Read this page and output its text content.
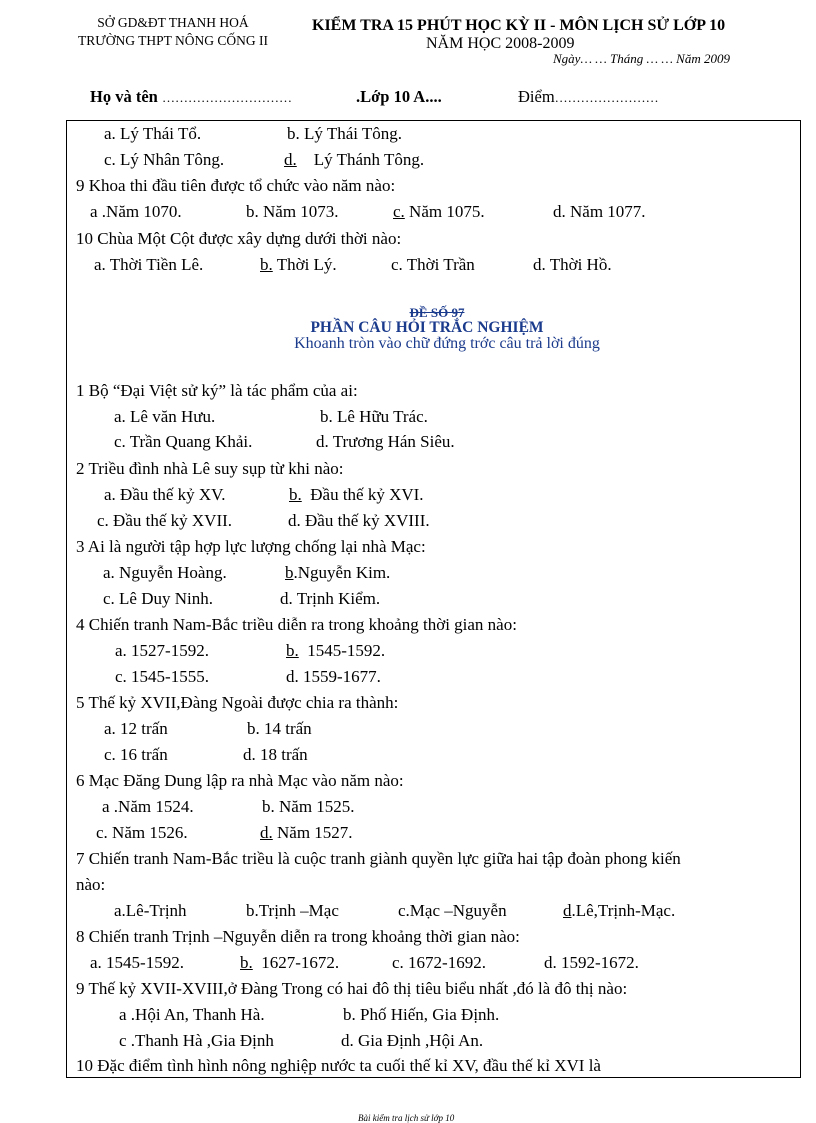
SỞ GD&ĐT THANH HOÁ
TRƯỜNG THPT NÔNG CỐNG II
KIỂM TRA 15 PHÚT HỌC KỲ II - MÔN LỊCH SỬ LỚP 10
NĂM HỌC 2008-2009
Ngày… … Tháng … … Năm 2009
Họ và tên …………………………	.Lớp 10 A....	Điểm……………………
a. Lý Thái Tổ.	b. Lý Thái Tông.
c. Lý Nhân Tông.	d. Lý Thánh Tông.
9 Khoa thi đầu tiên được tổ chức vào năm nào:
a .Năm 1070.	b. Năm 1073.	c. Năm 1075.	d. Năm 1077.
10 Chùa Một Cột được xây dựng dưới thời nào:
a. Thời Tiền Lê.	b. Thời Lý.	c. Thời Trần	d. Thời Hồ.
ĐỀ SỐ 97
PHẦN CÂU HỎI TRẮC NGHIỆM
Khoanh tròn vào chữ đứng trớc câu trả lời đúng
1 Bộ “Đại Việt sử ký” là tác phẩm của ai:
a. Lê văn Hưu.	b. Lê Hữu Trác.
c. Trần Quang Khải.	d. Trương Hán Siêu.
2 Triều đình nhà Lê suy sụp từ khi nào:
a. Đầu thế kỷ XV.	b. Đầu thế kỷ XVI.
c. Đầu thế kỷ XVII.	d. Đầu thế kỷ XVIII.
3 Ai là người tập hợp lực lượng chống lại nhà Mạc:
a. Nguyễn Hoàng.	b.Nguyễn Kim.
c. Lê Duy Ninh.	d. Trịnh Kiểm.
4 Chiến tranh Nam-Bắc triều diễn ra trong khoảng thời gian nào:
a. 1527-1592.	b. 1545-1592.
c. 1545-1555.	d. 1559-1677.
5 Thế kỷ XVII,Đàng Ngoài được chia ra thành:
a. 12 trấn	b. 14 trấn
c. 16 trấn	d. 18 trấn
6 Mạc Đăng Dung lập ra nhà Mạc vào năm nào:
a .Năm 1524.	b. Năm 1525.
c. Năm 1526.	d. Năm 1527.
7 Chiến tranh Nam-Bắc triều là cuộc tranh giành quyền lực giữa hai tập đoàn phong kiến
nào:
a.Lê-Trịnh	b.Trịnh –Mạc	c.Mạc –Nguyễn	d.Lê,Trịnh-Mạc.
8 Chiến tranh Trịnh –Nguyễn diễn ra trong khoảng thời gian nào:
a. 1545-1592.	b. 1627-1672.	c. 1672-1692.	d. 1592-1672.
9 Thế kỷ XVII-XVIII,ở Đàng Trong có hai đô thị tiêu biểu nhất ,đó là đô thị nào:
a .Hội An, Thanh Hà.	b. Phố Hiến, Gia Định.
c .Thanh Hà ,Gia Định	d. Gia Định ,Hội An.
10 Đặc điểm tình hình nông nghiệp nước ta cuối thế kỉ XV, đầu thế kỉ XVI là
Bài kiểm tra lịch sử lớp 10
